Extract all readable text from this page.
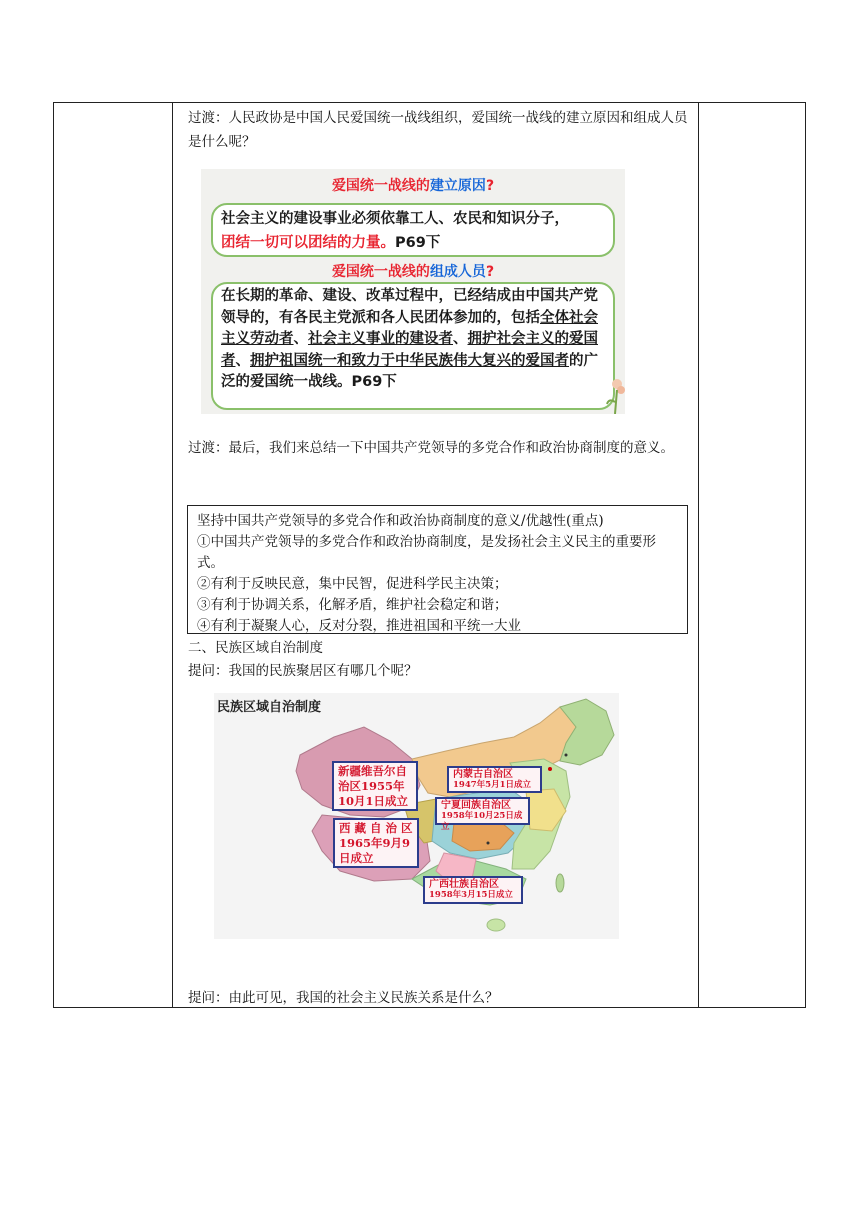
过渡：人民政协是中国人民爱国统一战线组织，爱国统一战线的建立原因和组成人员是什么呢？
爱国统一战线的建立原因?
社会主义的建设事业必须依靠工人、农民和知识分子，
团结一切可以团结的力量。P69下
爱国统一战线的组成人员?
在长期的革命、建设、改革过程中，已经结成由中国共产党领导的，有各民主党派和各人民团体参加的，包括全体社会主义劳动者、社会主义事业的建设者、拥护社会主义的爱国者、拥护祖国统一和致力于中华民族伟大复兴的爱国者的广泛的爱国统一战线。P69下
过渡：最后，我们来总结一下中国共产党领导的多党合作和政治协商制度的意义。
坚持中国共产党领导的多党合作和政治协商制度的意义/优越性(重点)
①中国共产党领导的多党合作和政治协商制度，是发扬社会主义民主的重要形式。
②有利于反映民意，集中民智，促进科学民主决策；
③有利于协调关系，化解矛盾，维护社会稳定和谐；
④有利于凝聚人心，反对分裂，推进祖国和平统一大业
二、民族区域自治制度
提问：我国的民族聚居区有哪几个呢？
民族区域自治制度
新疆维吾尔自治区1955年10月1日成立
西 藏 自 治 区1965年9月9日成立
内蒙古自治区
1947年5月1日成立
宁夏回族自治区
1958年10月25日成立
广西壮族自治区
1958年3月15日成立
提问：由此可见，我国的社会主义民族关系是什么？
